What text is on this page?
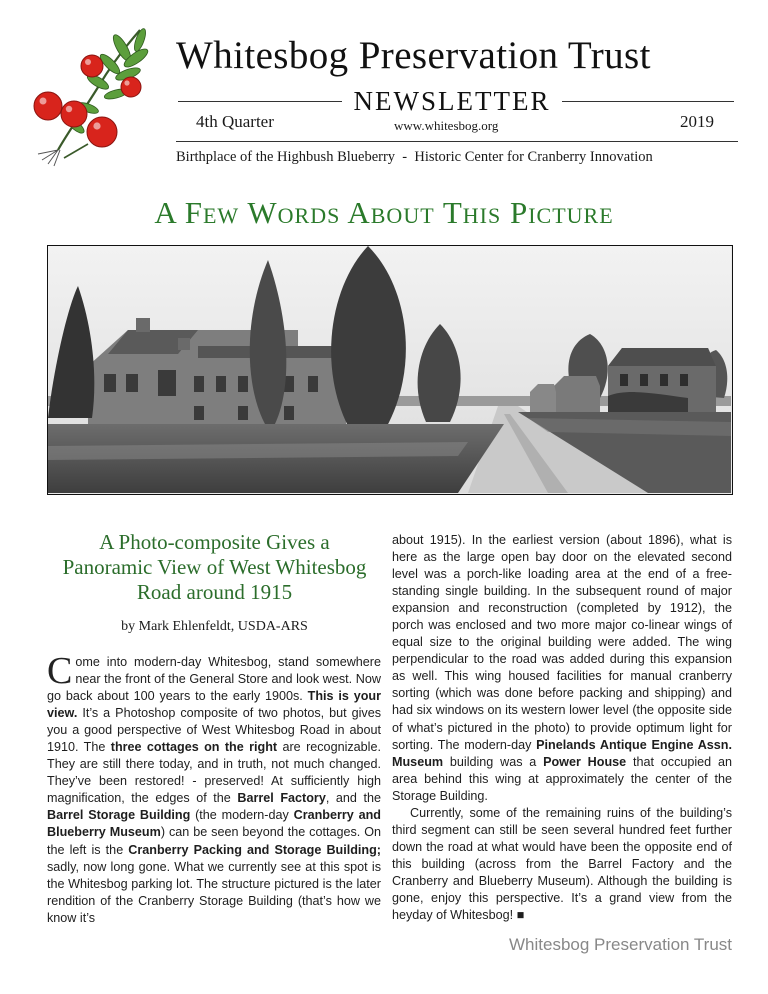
Whitesbog Preservation Trust
NEWSLETTER
4th Quarter	www.whitesbog.org	2019
Birthplace of the Highbush Blueberry  -  Historic Center for Cranberry Innovation
A Few Words About This Picture
A Photo-composite Gives a Panoramic View of West Whitesbog Road around 1915
by Mark Ehlenfeldt, USDA-ARS

Come into modern-day Whitesbog, stand somewhere near the front of the General Store and look west. Now go back about 100 years to the early 1900s. This is your view. It’s a Photoshop composite of two photos, but gives you a good perspective of West Whitesbog Road in about 1910. The three cottages on the right are recognizable. They are still there today, and in truth, not much changed. They’ve been restored! - preserved! At sufficiently high magnification, the edges of the Barrel Factory, and the Barrel Storage Building (the modern-day Cranberry and Blueberry Museum) can be seen beyond the cottages. On the left is the Cranberry Packing and Storage Building; sadly, now long gone. What we currently see at this spot is the Whitesbog parking lot. The structure pictured is the later rendition of the Cranberry Storage Building (that’s how we know it’s

about 1915). In the earliest version (about 1896), what is here as the large open bay door on the elevated second level was a porch-like loading area at the end of a free-standing single building. In the subsequent round of major expansion and reconstruction (completed by 1912), the porch was enclosed and two more major co-linear wings of equal size to the original building were added. The wing perpendicular to the road was added during this expansion as well. This wing housed facilities for manual cranberry sorting (which was done before packing and shipping) and had six windows on its western lower level (the opposite side of what’s pictured in the photo) to provide optimum light for sorting. The modern-day Pinelands Antique Engine Assn. Museum building was a Power House that occupied an area behind this wing at approximately the center of the Storage Building.

Currently, some of the remaining ruins of the building’s third segment can still be seen several hundred feet further down the road at what would have been the opposite end of this building (across from the Barrel Factory and the Cranberry and Blueberry Museum). Although the building is gone, enjoy this perspective. It’s a grand view from the heyday of Whitesbog! ■

Whitesbog Preservation Trust
